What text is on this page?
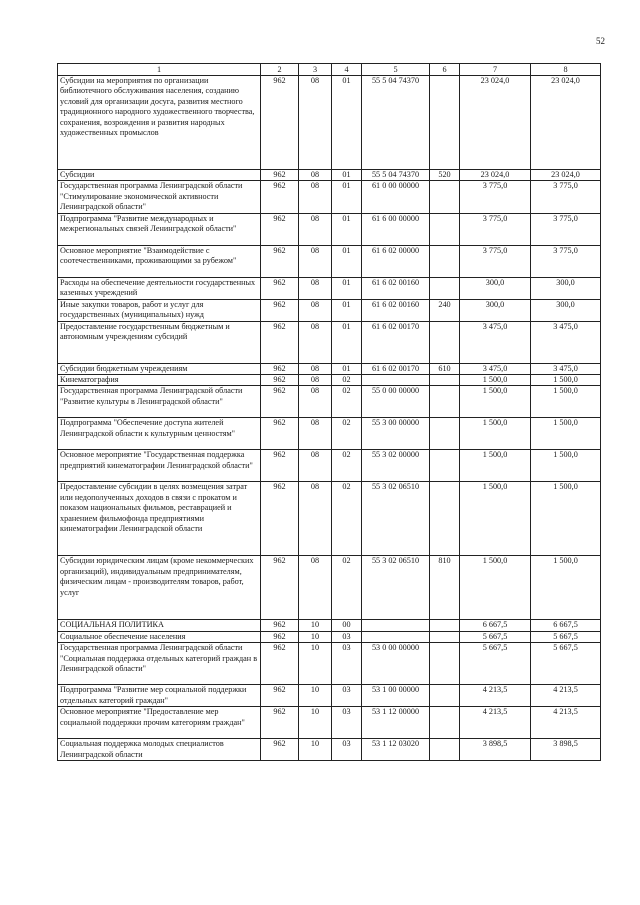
52
1	2	3	4	5	6	7	8
Субсидии на мероприятия по организации библиотечного обслуживания населения, созданию условий для организации досуга, развития местного традиционного народного художественного творчества, сохранения, возрождения и развития народных художественных промыслов	962	08	01	55 5 04 74370		23 024,0	23 024,0
Субсидии	962	08	01	55 5 04 74370	520	23 024,0	23 024,0
Государственная программа Ленинградской области "Стимулирование экономической активности Ленинградской области"	962	08	01	61 0 00 00000		3 775,0	3 775,0
Подпрограмма "Развитие международных и межрегиональных связей Ленинградской области"	962	08	01	61 6 00 00000		3 775,0	3 775,0
Основное мероприятие "Взаимодействие с соотечественниками, проживающими за рубежом"	962	08	01	61 6 02 00000		3 775,0	3 775,0
Расходы на обеспечение деятельности государственных казенных учреждений	962	08	01	61 6 02 00160		300,0	300,0
Иные закупки товаров, работ и услуг для государственных (муниципальных) нужд	962	08	01	61 6 02 00160	240	300,0	300,0
Предоставление государственным бюджетным и автономным учреждениям субсидий	962	08	01	61 6 02 00170		3 475,0	3 475,0
Субсидии бюджетным учреждениям	962	08	01	61 6 02 00170	610	3 475,0	3 475,0
Кинематография	962	08	02			1 500,0	1 500,0
Государственная программа Ленинградской области "Развитие культуры в Ленинградской области"	962	08	02	55 0 00 00000		1 500,0	1 500,0
Подпрограмма "Обеспечение доступа жителей Ленинградской области к культурным ценностям"	962	08	02	55 3 00 00000		1 500,0	1 500,0
Основное мероприятие "Государственная поддержка предприятий кинематографии Ленинградской области"	962	08	02	55 3 02 00000		1 500,0	1 500,0
Предоставление субсидии в целях возмещения затрат или недополученных доходов в связи с прокатом и показом национальных фильмов, реставрацией и хранением фильмофонда предприятиями кинематографии Ленинградской области	962	08	02	55 3 02 06510		1 500,0	1 500,0
Субсидии юридическим лицам (кроме некоммерческих организаций), индивидуальным предпринимателям, физическим лицам - производителям товаров, работ, услуг	962	08	02	55 3 02 06510	810	1 500,0	1 500,0
СОЦИАЛЬНАЯ ПОЛИТИКА	962	10	00			6 667,5	6 667,5
Социальное обеспечение населения	962	10	03			5 667,5	5 667,5
Государственная программа Ленинградской области "Социальная поддержка отдельных категорий граждан в Ленинградской области"	962	10	03	53 0 00 00000		5 667,5	5 667,5
Подпрограмма "Развитие мер социальной поддержки отдельных категорий граждан"	962	10	03	53 1 00 00000		4 213,5	4 213,5
Основное мероприятие "Предоставление мер социальной поддержки прочим категориям граждан"	962	10	03	53 1 12 00000		4 213,5	4 213,5
Социальная поддержка молодых специалистов Ленинградской области	962	10	03	53 1 12 03020		3 898,5	3 898,5
